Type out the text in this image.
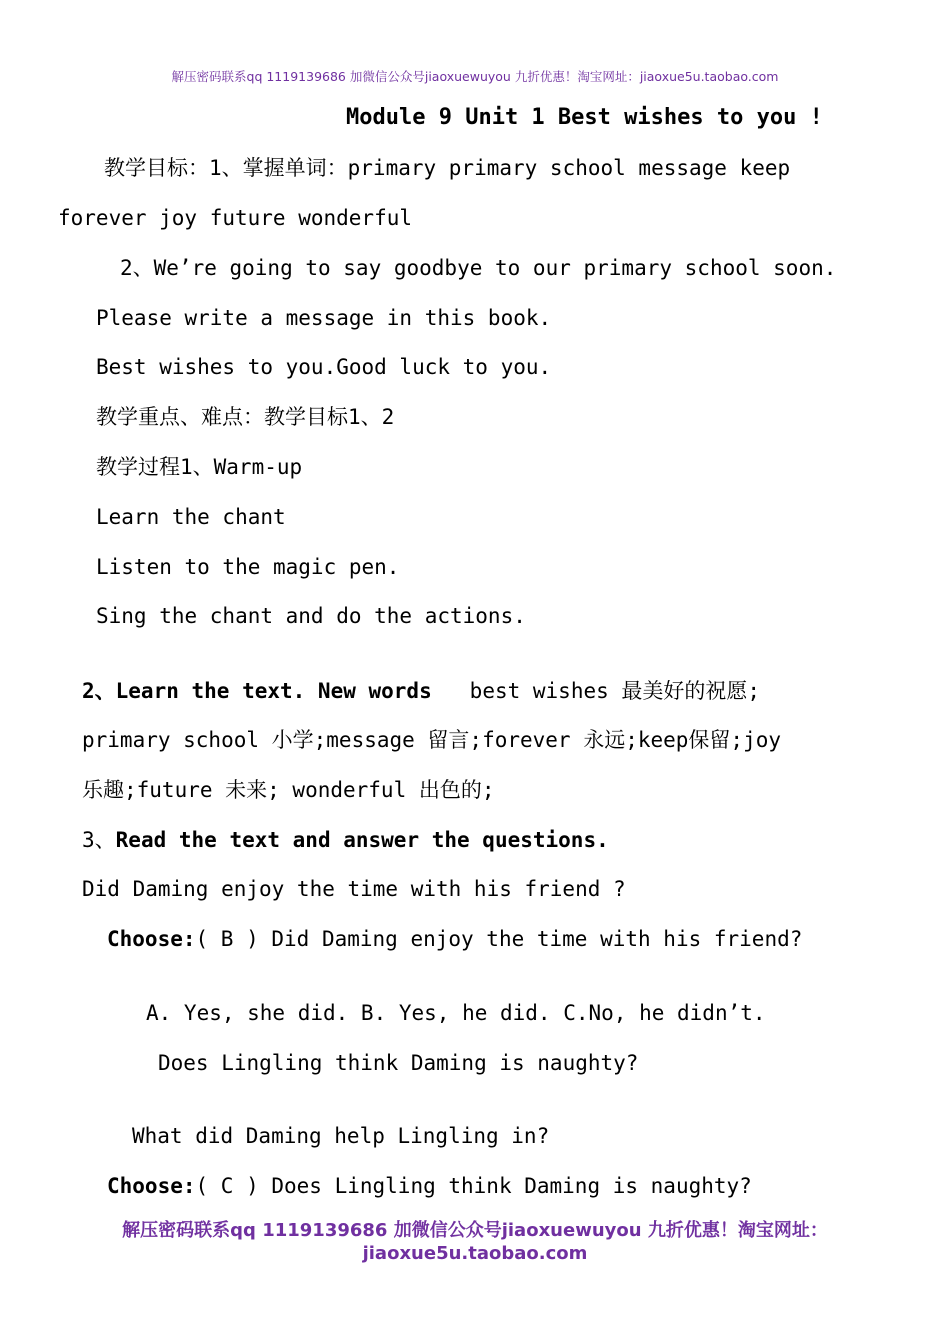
解压密码联系qq 1119139686 加微信公众号jiaoxuewuyou 九折优惠！淘宝网址：jiaoxue5u.taobao.com
Module 9 Unit 1 Best wishes to you !
教学目标：1、掌握单词：primary primary school message keep
forever joy future wonderful
2、We’re going to say goodbye to our primary school soon.
Please write a message in this book.
Best wishes to you.Good luck to you.
教学重点、难点：教学目标1、2
教学过程1、Warm-up
Learn the chant
Listen to the magic pen.
Sing the chant and do the actions.
2、Learn the text. New words best wishes 最美好的祝愿;
primary school 小学;message 留言;forever 永远;keep保留;joy
乐趣;future 未来; wonderful 出色的;
3、Read the text and answer the questions.
Did Daming enjoy the time with his friend ?
Choose:( B ) Did Daming enjoy the time with his friend?
A. Yes, she did. B. Yes, he did. C.No, he didn’t.
Does Lingling think Daming is naughty?
What did Daming help Lingling in?
Choose:( C ) Does Lingling think Daming is naughty?
解压密码联系qq 1119139686 加微信公众号jiaoxuewuyou 九折优惠！淘宝网址：
jiaoxue5u.taobao.com
